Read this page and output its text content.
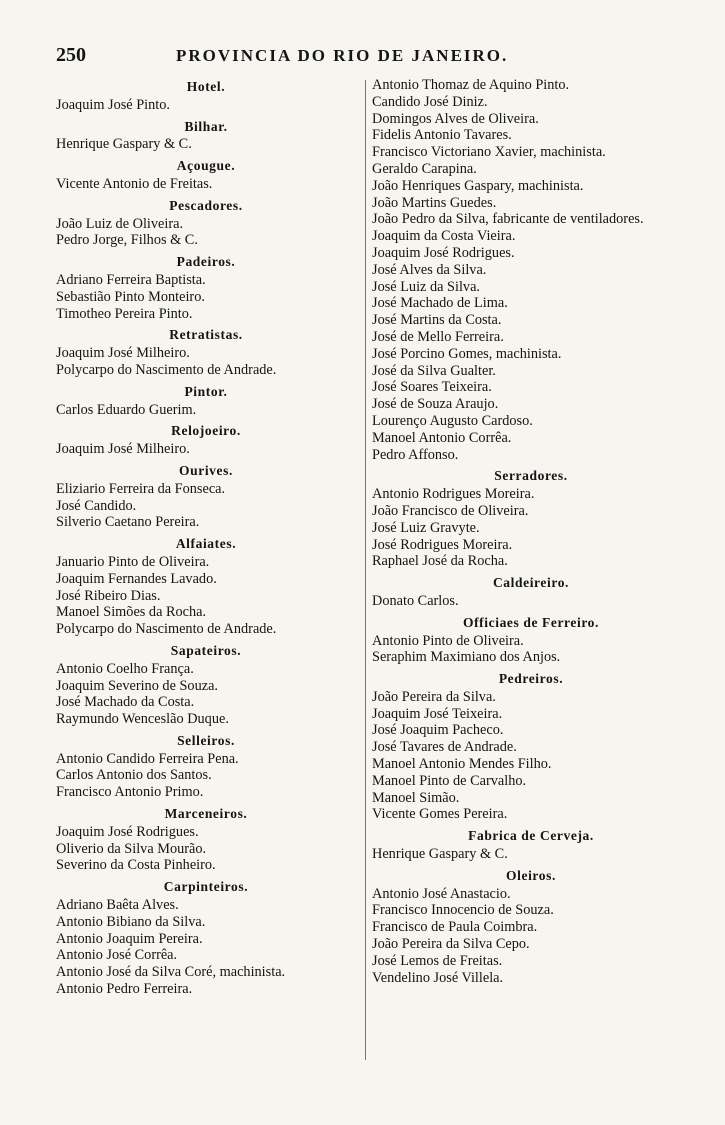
250	PROVINCIA DO RIO DE JANEIRO.
Hotel.
Joaquim José Pinto.
Bilhar.
Henrique Gaspary & C.
Açougue.
Vicente Antonio de Freitas.
Pescadores.
João Luiz de Oliveira.
Pedro Jorge, Filhos & C.
Padeiros.
Adriano Ferreira Baptista.
Sebastião Pinto Monteiro.
Timotheo Pereira Pinto.
Retratistas.
Joaquim José Milheiro.
Polycarpo do Nascimento de Andrade.
Pintor.
Carlos Eduardo Guerim.
Relojoeiro.
Joaquim José Milheiro.
Ourives.
Eliziario Ferreira da Fonseca.
José Candido.
Silverio Caetano Pereira.
Alfaiates.
Januario Pinto de Oliveira.
Joaquim Fernandes Lavado.
José Ribeiro Dias.
Manoel Simões da Rocha.
Polycarpo do Nascimento de Andrade.
Sapateiros.
Antonio Coelho França.
Joaquim Severino de Souza.
José Machado da Costa.
Raymundo Wenceslão Duque.
Selleiros.
Antonio Candido Ferreira Pena.
Carlos Antonio dos Santos.
Francisco Antonio Primo.
Marceneiros.
Joaquim José Rodrigues.
Oliverio da Silva Mourão.
Severino da Costa Pinheiro.
Carpinteiros.
Adriano Baêta Alves.
Antonio Bibiano da Silva.
Antonio Joaquim Pereira.
Antonio José Corrêa.
Antonio José da Silva Coré, machinista.
Antonio Pedro Ferreira.
Antonio Thomaz de Aquino Pinto.
Candido José Diniz.
Domingos Alves de Oliveira.
Fidelis Antonio Tavares.
Francisco Victoriano Xavier, machinista.
Geraldo Carapina.
João Henriques Gaspary, machinista.
João Martins Guedes.
João Pedro da Silva, fabricante de ventiladores.
Joaquim da Costa Vieira.
Joaquim José Rodrigues.
José Alves da Silva.
José Luiz da Silva.
José Machado de Lima.
José Martins da Costa.
José de Mello Ferreira.
José Porcino Gomes, machinista.
José da Silva Gualter.
José Soares Teixeira.
José de Souza Araujo.
Lourenço Augusto Cardoso.
Manoel Antonio Corrêa.
Pedro Affonso.
Serradores.
Antonio Rodrigues Moreira.
João Francisco de Oliveira.
José Luiz Gravyte.
José Rodrigues Moreira.
Raphael José da Rocha.
Caldeireiro.
Donato Carlos.
Officiaes de Ferreiro.
Antonio Pinto de Oliveira.
Seraphim Maximiano dos Anjos.
Pedreiros.
João Pereira da Silva.
Joaquim José Teixeira.
José Joaquim Pacheco.
José Tavares de Andrade.
Manoel Antonio Mendes Filho.
Manoel Pinto de Carvalho.
Manoel Simão.
Vicente Gomes Pereira.
Fabrica de Cerveja.
Henrique Gaspary & C.
Oleiros.
Antonio José Anastacio.
Francisco Innocencio de Souza.
Francisco de Paula Coimbra.
João Pereira da Silva Cepo.
José Lemos de Freitas.
Vendelino José Villela.
